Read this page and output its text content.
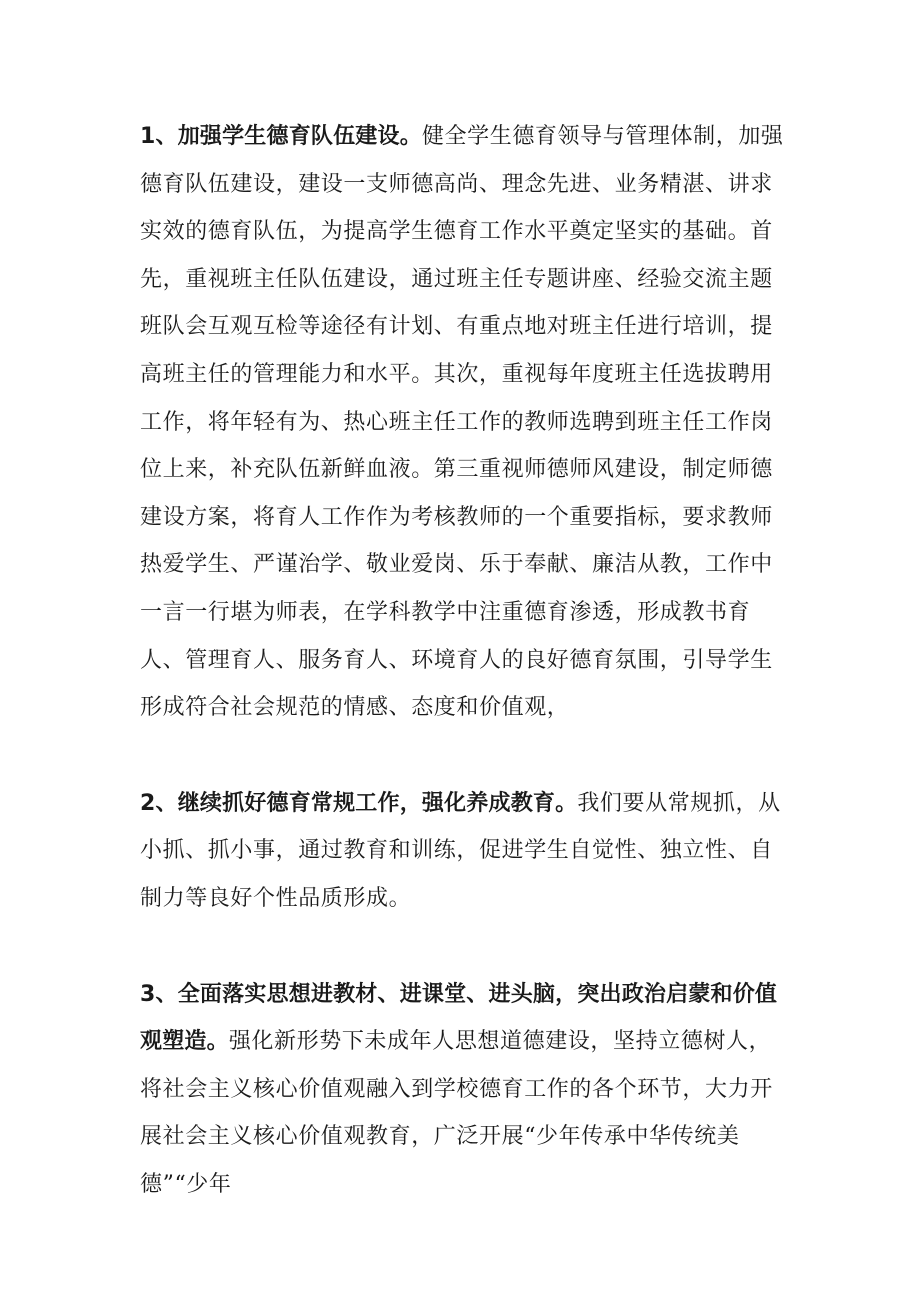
1、加强学生德育队伍建设。健全学生德育领导与管理体制，加强德育队伍建设，建设一支师德高尚、理念先进、业务精湛、讲求实效的德育队伍，为提高学生德育工作水平奠定坚实的基础。首先，重视班主任队伍建设，通过班主任专题讲座、经验交流主题班队会互观互检等途径有计划、有重点地对班主任进行培训，提高班主任的管理能力和水平。其次，重视每年度班主任选拔聘用工作，将年轻有为、热心班主任工作的教师选聘到班主任工作岗位上来，补充队伍新鲜血液。第三重视师德师风建设，制定师德建设方案，将育人工作作为考核教师的一个重要指标，要求教师热爱学生、严谨治学、敬业爱岗、乐于奉献、廉洁从教，工作中一言一行堪为师表，在学科教学中注重德育渗透，形成教书育人、管理育人、服务育人、环境育人的良好德育氛围，引导学生形成符合社会规范的情感、态度和价值观，

2、继续抓好德育常规工作，强化养成教育。我们要从常规抓，从小抓、抓小事，通过教育和训练，促进学生自觉性、独立性、自制力等良好个性品质形成。

3、全面落实思想进教材、进课堂、进头脑，突出政治启蒙和价值观塑造。强化新形势下未成年人思想道德建设，坚持立德树人，将社会主义核心价值观融入到学校德育工作的各个环节，大力开展社会主义核心价值观教育，广泛开展“少年传承中华传统美德”“少年
